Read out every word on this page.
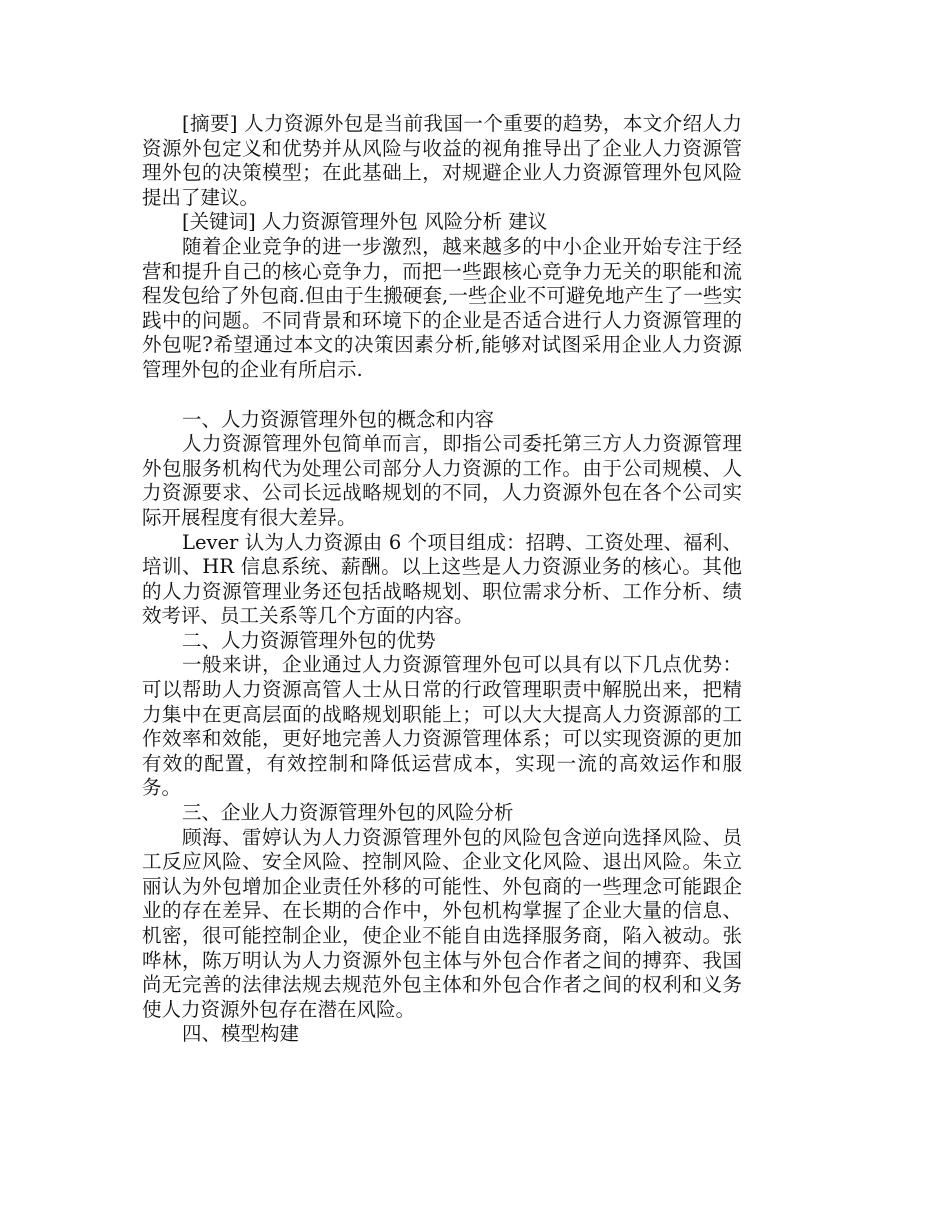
[摘要] 人力资源外包是当前我国一个重要的趋势，本文介绍人力资源外包定义和优势并从风险与收益的视角推导出了企业人力资源管理外包的决策模型；在此基础上，对规避企业人力资源管理外包风险提出了建议。

[关键词] 人力资源管理外包 风险分析 建议

随着企业竞争的进一步激烈，越来越多的中小企业开始专注于经营和提升自己的核心竞争力，而把一些跟核心竞争力无关的职能和流程发包给了外包商.但由于生搬硬套,一些企业不可避免地产生了一些实践中的问题。不同背景和环境下的企业是否适合进行人力资源管理的外包呢?希望通过本文的决策因素分析,能够对试图采用企业人力资源管理外包的企业有所启示.

一、人力资源管理外包的概念和内容

人力资源管理外包简单而言，即指公司委托第三方人力资源管理外包服务机构代为处理公司部分人力资源的工作。由于公司规模、人力资源要求、公司长远战略规划的不同，人力资源外包在各个公司实际开展程度有很大差异。

Lever 认为人力资源由 6 个项目组成：招聘、工资处理、福利、培训、HR 信息系统、薪酬。以上这些是人力资源业务的核心。其他的人力资源管理业务还包括战略规划、职位需求分析、工作分析、绩效考评、员工关系等几个方面的内容。

二、人力资源管理外包的优势

一般来讲，企业通过人力资源管理外包可以具有以下几点优势：可以帮助人力资源高管人士从日常的行政管理职责中解脱出来，把精力集中在更高层面的战略规划职能上；可以大大提高人力资源部的工作效率和效能，更好地完善人力资源管理体系；可以实现资源的更加有效的配置，有效控制和降低运营成本，实现一流的高效运作和服务。

三、企业人力资源管理外包的风险分析

顾海、雷婷认为人力资源管理外包的风险包含逆向选择风险、员工反应风险、安全风险、控制风险、企业文化风险、退出风险。朱立丽认为外包增加企业责任外移的可能性、外包商的一些理念可能跟企业的存在差异、在长期的合作中，外包机构掌握了企业大量的信息、机密，很可能控制企业，使企业不能自由选择服务商，陷入被动。张哗林，陈万明认为人力资源外包主体与外包合作者之间的搏弈、我国尚无完善的法律法规去规范外包主体和外包合作者之间的权利和义务使人力资源外包存在潜在风险。

四、模型构建
